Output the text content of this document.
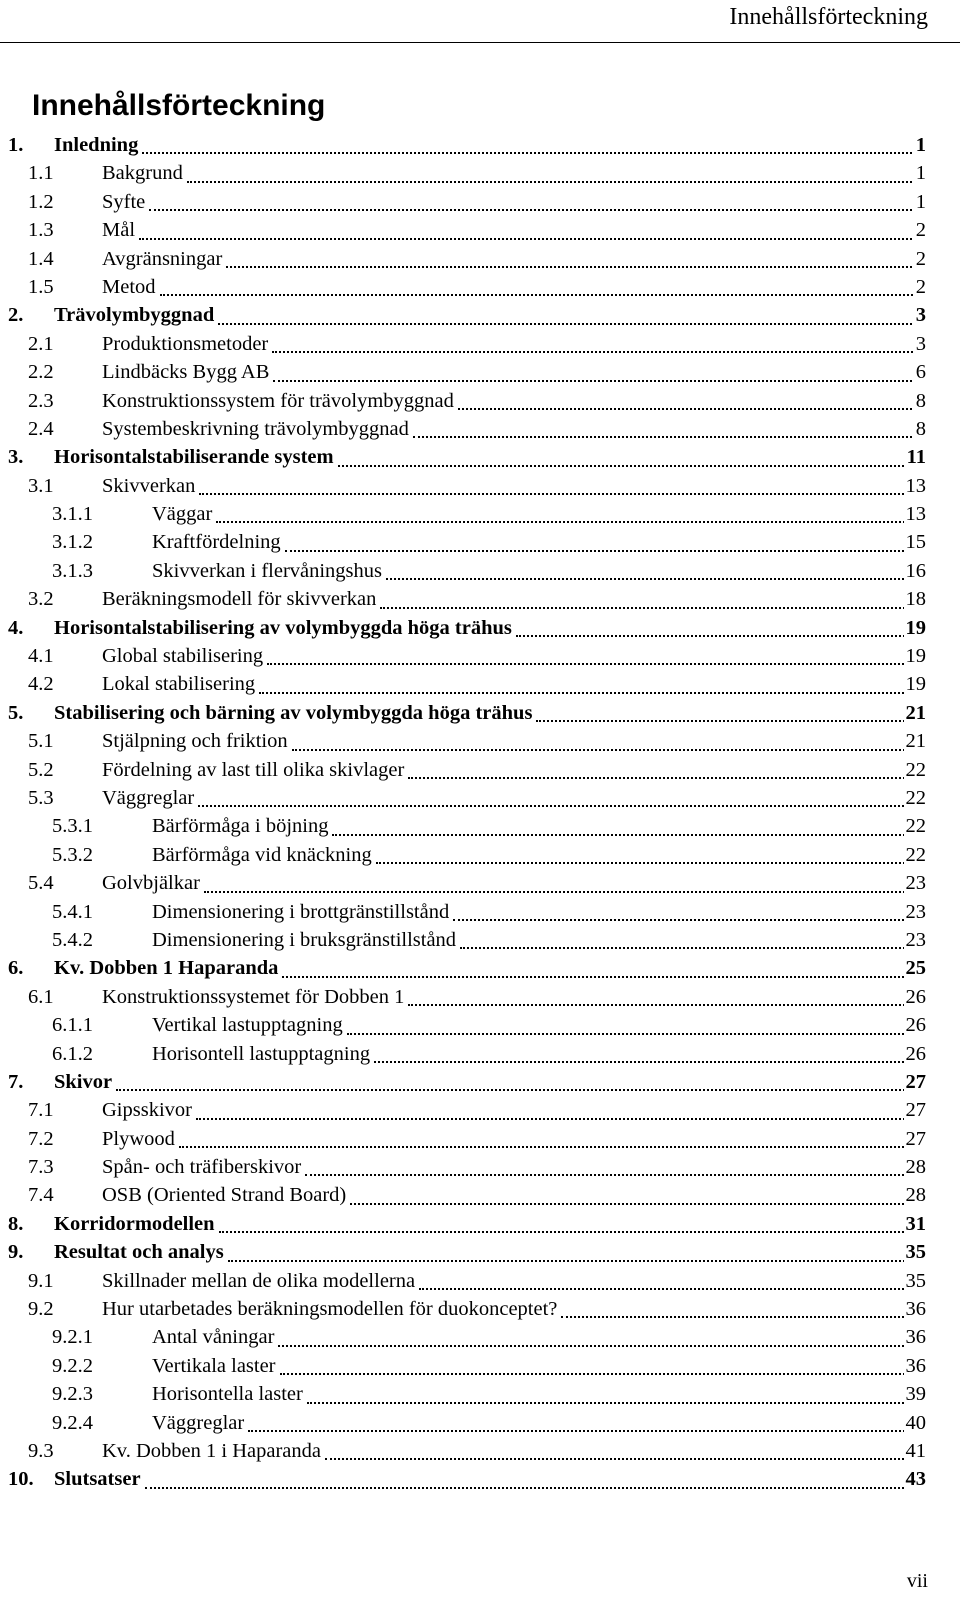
Innehållsförteckning
Innehållsförteckning
1. Inledning	1
1.1 Bakgrund	1
1.2 Syfte	1
1.3 Mål	2
1.4 Avgränsningar	2
1.5 Metod	2
2. Trävolymbyggnad	3
2.1 Produktionsmetoder	3
2.2 Lindbäcks Bygg AB	6
2.3 Konstruktionssystem för trävolymbyggnad	8
2.4 Systembeskrivning trävolymbyggnad	8
3. Horisontalstabiliserande system	11
3.1 Skivverkan	13
3.1.1	Väggar	13
3.1.2	Kraftfördelning	15
3.1.3	Skivverkan i flervåningshus	16
3.2 Beräkningsmodell för skivverkan	18
4. Horisontalstabilisering av volymbyggda höga trähus	19
4.1 Global stabilisering	19
4.2 Lokal stabilisering	19
5. Stabilisering och bärning av volymbyggda höga trähus	21
5.1 Stjälpning och friktion	21
5.2 Fördelning av last till olika skivlager	22
5.3 Väggreglar	22
5.3.1	Bärförmåga i böjning	22
5.3.2	Bärförmåga vid knäckning	22
5.4 Golvbjälkar	23
5.4.1	Dimensionering i brottgränstillstånd	23
5.4.2	Dimensionering i bruksgränstillstånd	23
6. Kv. Dobben 1 Haparanda	25
6.1 Konstruktionssystemet för Dobben 1	26
6.1.1	Vertikal lastupptagning	26
6.1.2	Horisontell lastupptagning	26
7. Skivor	27
7.1 Gipsskivor	27
7.2 Plywood	27
7.3 Spån- och träfiberskivor	28
7.4 OSB (Oriented Strand Board)	28
8. Korridormodellen	31
9. Resultat och analys	35
9.1 Skillnader mellan de olika modellerna	35
9.2 Hur utarbetades beräkningsmodellen för duokonceptet?	36
9.2.1	Antal våningar	36
9.2.2	Vertikala laster	36
9.2.3	Horisontella laster	39
9.2.4	Väggreglar	40
9.3 Kv. Dobben 1 i Haparanda	41
10. Slutsatser	43
vii
